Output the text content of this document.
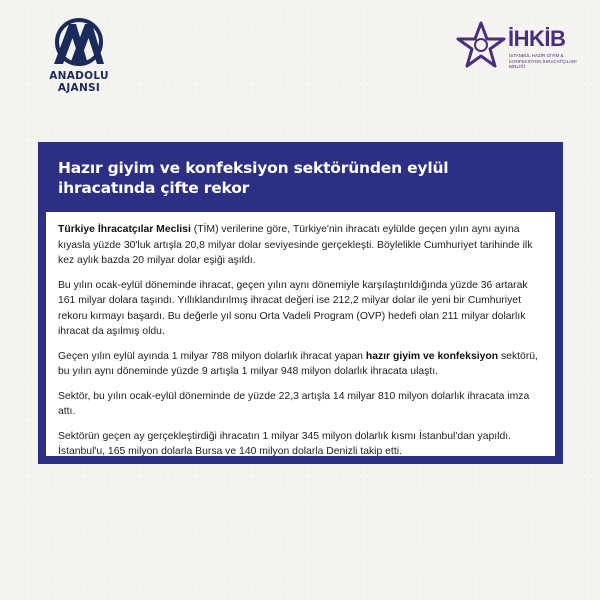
ANADOLU AJANSI
İHKİB
İSTANBUL HAZIR GİYİM & KONFEKSİYON İHRACATÇILARI BİRLİĞİ
Hazır giyim ve konfeksiyon sektöründen eylül ihracatında çifte rekor

Türkiye İhracatçılar Meclisi (TİM) verilerine göre, Türkiye'nin ihracatı eylülde geçen yılın aynı ayına kıyasla yüzde 30'luk artışla 20,8 milyar dolar seviyesinde gerçekleşti. Böylelikle Cumhuriyet tarihinde ilk kez aylık bazda 20 milyar dolar eşiği aşıldı.

Bu yılın ocak-eylül döneminde ihracat, geçen yılın aynı dönemiyle karşılaştırıldığında yüzde 36 artarak 161 milyar dolara taşındı. Yıllıklandırılmış ihracat değeri ise 212,2 milyar dolar ile yeni bir Cumhuriyet rekoru kırmayı başardı. Bu değerle yıl sonu Orta Vadeli Program (OVP) hedefi olan 211 milyar dolarlık ihracat da aşılmış oldu.

Geçen yılın eylül ayında 1 milyar 788 milyon dolarlık ihracat yapan hazır giyim ve konfeksiyon sektörü, bu yılın aynı döneminde yüzde 9 artışla 1 milyar 948 milyon dolarlık ihracata ulaştı.

Sektör, bu yılın ocak-eylül döneminde de yüzde 22,3 artışla 14 milyar 810 milyon dolarlık ihracata imza attı.

Sektörün geçen ay gerçekleştirdiği ihracatın 1 milyar 345 milyon dolarlık kısmı İstanbul'dan yapıldı. İstanbul'u, 165 milyon dolarla Bursa ve 140 milyon dolarla Denizli takip etti.
